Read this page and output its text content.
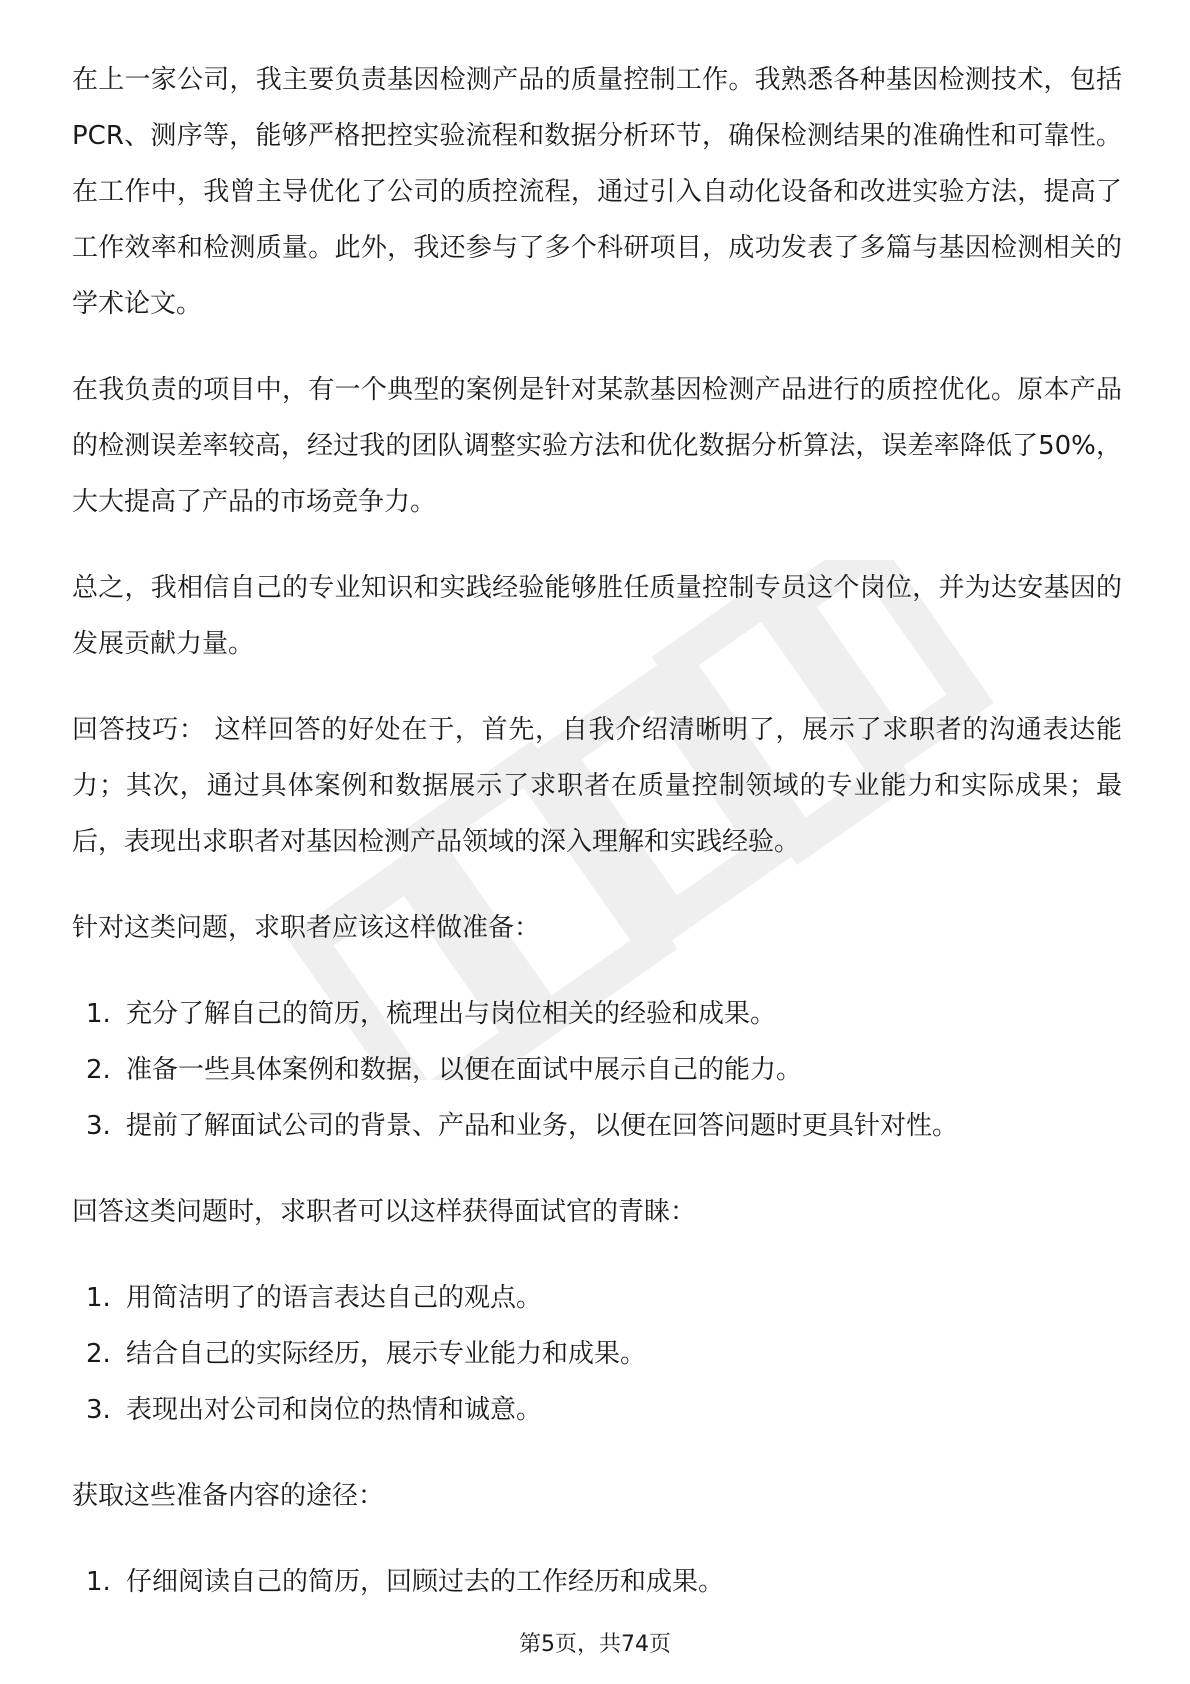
在上一家公司，我主要负责基因检测产品的质量控制工作。我熟悉各种基因检测技术，包括PCR、测序等，能够严格把控实验流程和数据分析环节，确保检测结果的准确性和可靠性。在工作中，我曾主导优化了公司的质控流程，通过引入自动化设备和改进实验方法，提高了工作效率和检测质量。此外，我还参与了多个科研项目，成功发表了多篇与基因检测相关的学术论文。

在我负责的项目中，有一个典型的案例是针对某款基因检测产品进行的质控优化。原本产品的检测误差率较高，经过我的团队调整实验方法和优化数据分析算法，误差率降低了50%，大大提高了产品的市场竞争力。

总之，我相信自己的专业知识和实践经验能够胜任质量控制专员这个岗位，并为达安基因的发展贡献力量。

回答技巧： 这样回答的好处在于，首先，自我介绍清晰明了，展示了求职者的沟通表达能力；其次，通过具体案例和数据展示了求职者在质量控制领域的专业能力和实际成果；最后，表现出求职者对基因检测产品领域的深入理解和实践经验。

针对这类问题，求职者应该这样做准备：

1. 充分了解自己的简历，梳理出与岗位相关的经验和成果。
2. 准备一些具体案例和数据，以便在面试中展示自己的能力。
3. 提前了解面试公司的背景、产品和业务，以便在回答问题时更具针对性。

回答这类问题时，求职者可以这样获得面试官的青睐：

1. 用简洁明了的语言表达自己的观点。
2. 结合自己的实际经历，展示专业能力和成果。
3. 表现出对公司和岗位的热情和诚意。

获取这些准备内容的途径：

1. 仔细阅读自己的简历，回顾过去的工作经历和成果。
第5页，共74页
